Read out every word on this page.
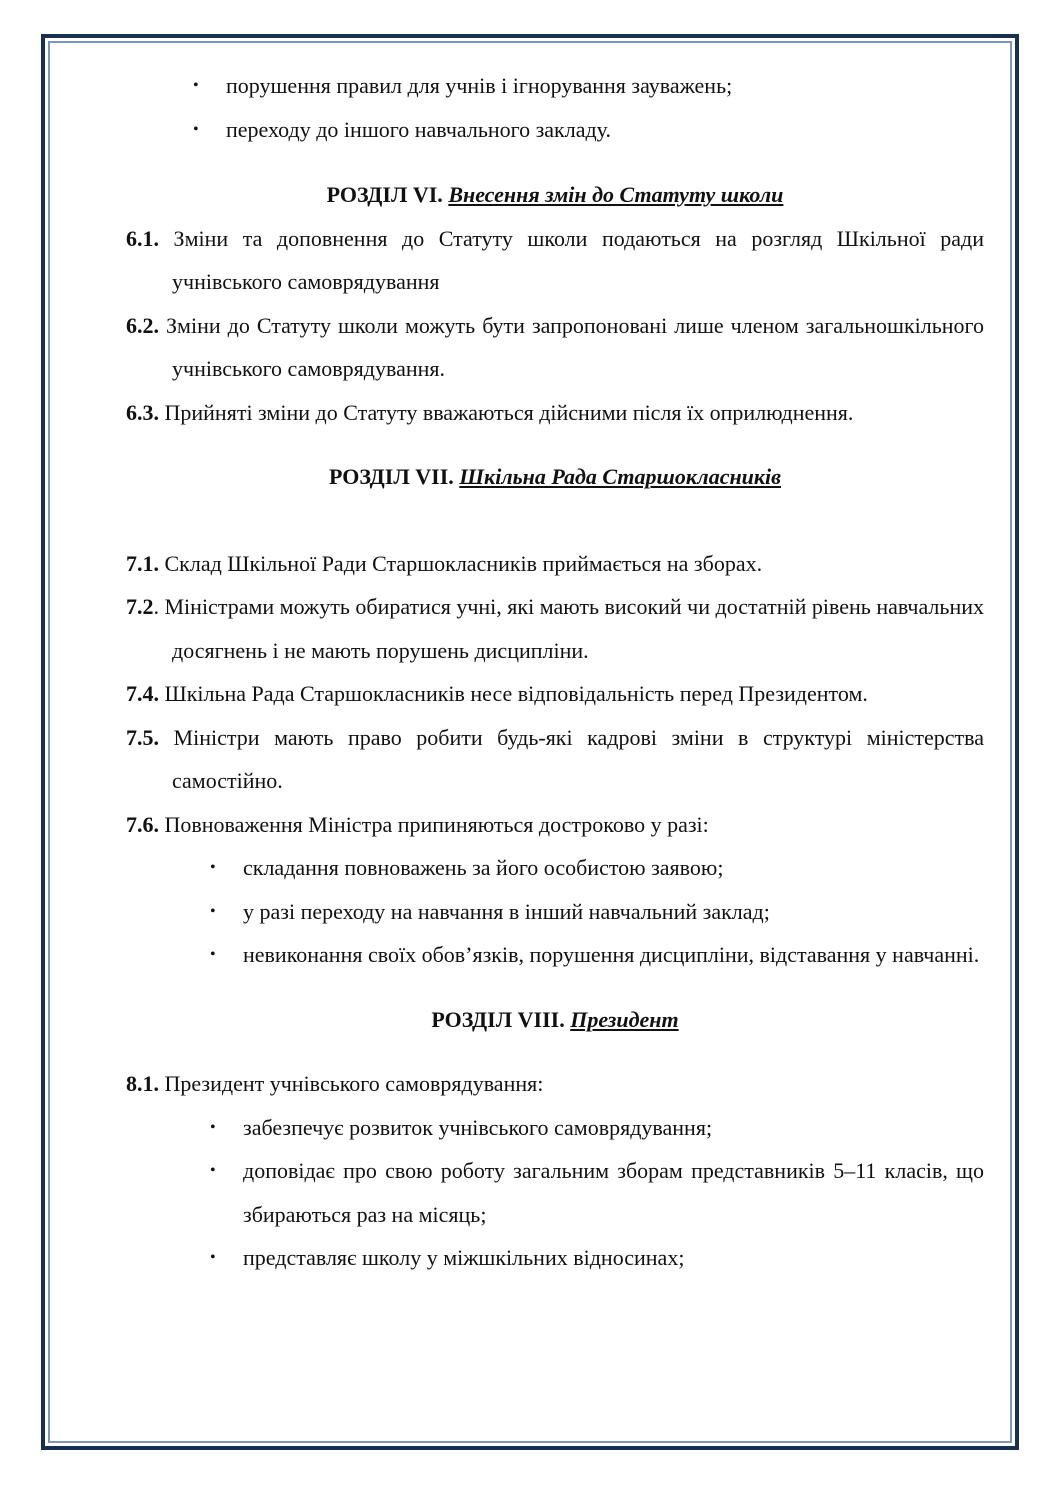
• порушення правил для учнів і ігнорування зауважень;
• переходу до іншого навчального закладу.

РОЗДІЛ VI. Внесення змін до Статуту школи

6.1. Зміни та доповнення до Статуту школи подаються на розгляд Шкільної ради учнівського самоврядування

6.2. Зміни до Статуту школи можуть бути запропоновані лише членом загальношкільного учнівського самоврядування.

6.3. Прийняті зміни до Статуту вважаються дійсними після їх оприлюднення.

РОЗДІЛ VII. Шкільна Рада Старшокласників

7.1. Склад Шкільної Ради Старшокласників приймається на зборах.

7.2. Міністрами можуть обиратися учні, які мають високий чи достатній рівень навчальних досягнень і не мають порушень дисципліни.

7.4. Шкільна Рада Старшокласників несе відповідальність перед Президентом.

7.5. Міністри мають право робити будь-які кадрові зміни в структурі міністерства самостійно.

7.6. Повноваження Міністра припиняються достроково у разі:

• складання повноважень за його особистою заявою;
• у разі переходу на навчання в інший навчальний заклад;
• невиконання своїх обов’язків, порушення дисципліни, відставання у навчанні.

РОЗДІЛ VIII. Президент

8.1. Президент учнівського самоврядування:

• забезпечує розвиток учнівського самоврядування;
• доповідає про свою роботу загальним зборам представників 5–11 класів, що збираються раз на місяць;
• представляє школу у міжшкільних відносинах;
